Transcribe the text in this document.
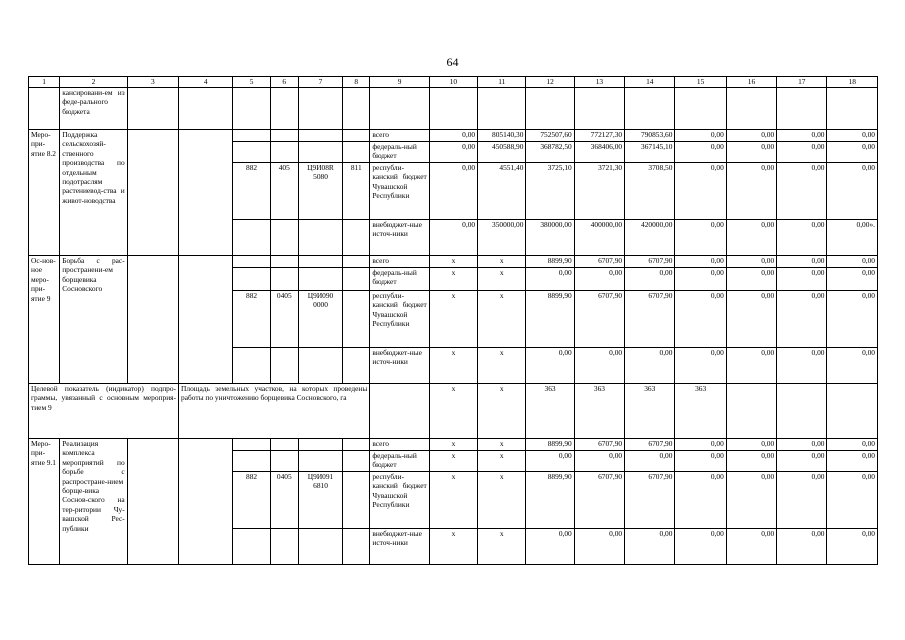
64
1	2	3	4	5	6	7	8	9	10	11	12	13	14	15	16	17	18
	кансировани-ем из феде-рального бюджета																
Меро-при-ятие 8.2	Поддержка сельскохозяй-ственного производства по отдельным подотраслям растениевод-ства и живот-новодства							всего	0,00	805140,30	752507,60	772127,30	790853,60	0,00	0,00	0,00	0,00
								федераль-ный бюджет	0,00	450588,90	368782,50	368406,00	367145,10	0,00	0,00	0,00	0,00
				882	405	Ц9И08R 5080	811	республи-канский бюджет Чувашской Республики	0,00	4551,40	3725,10	3721,30	3708,50	0,00	0,00	0,00	0,00
								внебюджет-ные источ-ники	0,00	350000,00	380000,00	400000,00	420000,00	0,00	0,00	0,00	0,00».
Ос-нов-ное меро-при-ятие 9	Борьба с рас-пространени-ем борщевика Сосновского							всего	x	x	8899,90	6707,90	6707,90	0,00	0,00	0,00	0,00
								федераль-ный бюджет	x	x	0,00	0,00	0,00	0,00	0,00	0,00	0,00
				882	0405	Ц9И090 0000		республи-канский бюджет Чувашской Республики	x	x	8899,90	6707,90	6707,90	0,00	0,00	0,00	0,00
								внебюджет-ные источ-ники	x	x	0,00	0,00	0,00	0,00	0,00	0,00	0,00
Целевой показатель (индикатор) подпро-граммы, увязанный с основным мероприя-тием 9			Площадь земельных участков, на которых проведены работы по уничтожению борщевика Сосновского, га						x	x	363	363	363	363			
Меро-при-ятие 9.1	Реализация комплекса мероприятий по борьбе с распростране-нием борще-вика Соснов-ского на тер-ритории Чу-вашской Рес-публики							всего	x	x	8899,90	6707,90	6707,90	0,00	0,00	0,00	0,00
								федераль-ный бюджет	x	x	0,00	0,00	0,00	0,00	0,00	0,00	0,00
				882	0405	Ц9И091 6810		республи-канский бюджет Чувашской Республики	x	x	8899,90	6707,90	6707,90	0,00	0,00	0,00	0,00
								внебюджет-ные источ-ники	x	x	0,00	0,00	0,00	0,00	0,00	0,00	0,00
